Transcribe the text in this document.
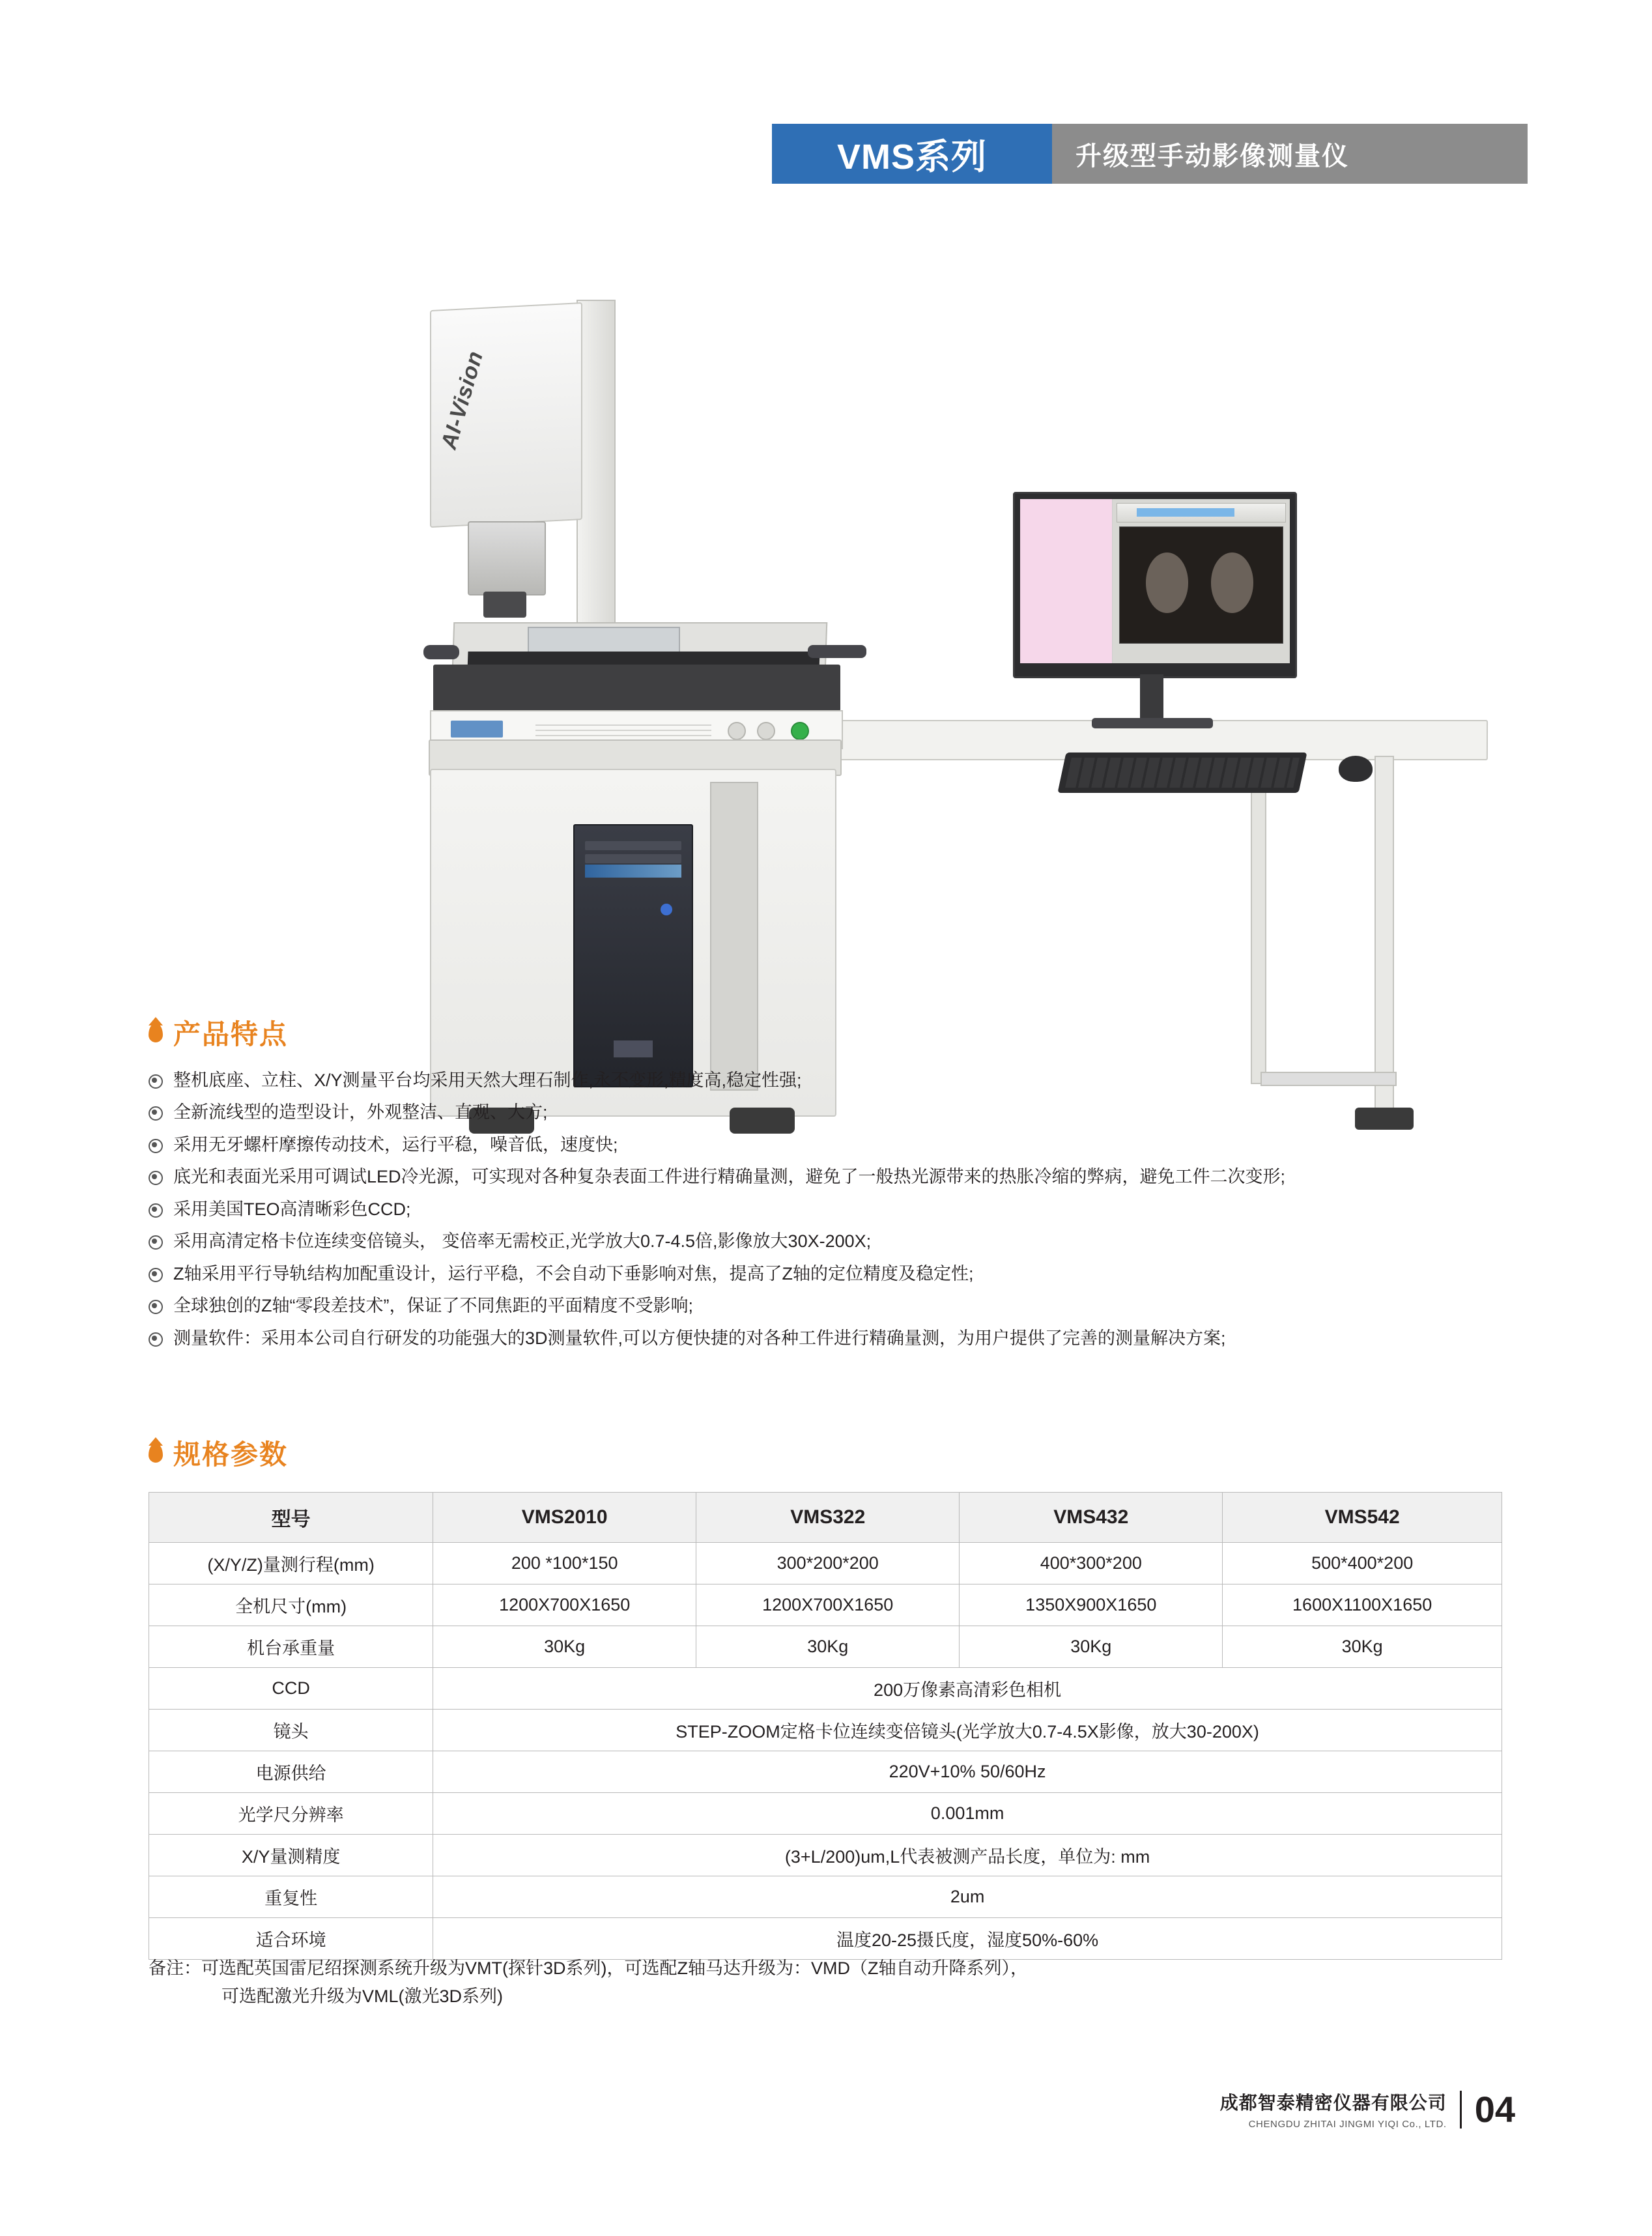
VMS系列	升级型手动影像测量仪
AI-Vision
产品特点
整机底座、立柱、X/Y测量平台均采用天然大理石制作,永不变形,精度高,稳定性强;
全新流线型的造型设计，外观整洁、直观、大方;
采用无牙螺杆摩擦传动技术，运行平稳，噪音低，速度快;
底光和表面光采用可调试LED冷光源，可实现对各种复杂表面工件进行精确量测，避免了一般热光源带来的热胀冷缩的弊病，避免工件二次变形;
采用美国TEO高清晰彩色CCD;
采用高清定格卡位连续变倍镜头， 变倍率无需校正,光学放大0.7-4.5倍,影像放大30X-200X;
Z轴采用平行导轨结构加配重设计，运行平稳，不会自动下垂影响对焦，提高了Z轴的定位精度及稳定性;
全球独创的Z轴“零段差技术”，保证了不同焦距的平面精度不受影响;
测量软件：采用本公司自行研发的功能强大的3D测量软件,可以方便快捷的对各种工件进行精确量测，为用户提供了完善的测量解决方案;
规格参数
型号	VMS2010	VMS322	VMS432	VMS542
(X/Y/Z)量测行程(mm)	200 *100*150	300*200*200	400*300*200	500*400*200
全机尺寸(mm)	1200X700X1650	1200X700X1650	1350X900X1650	1600X1100X1650
机台承重量	30Kg	30Kg	30Kg	30Kg
CCD	200万像素高清彩色相机			
镜头	STEP-ZOOM定格卡位连续变倍镜头(光学放大0.7-4.5X影像，放大30-200X)			
电源供给	220V+10% 50/60Hz			
光学尺分辨率	0.001mm			
X/Y量测精度	(3+L/200)um,L代表被测产品长度，单位为: mm			
重复性	2um			
适合环境	温度20-25摄氏度，湿度50%-60%			
备注：可选配英国雷尼绍探测系统升级为VMT(探针3D系列)，可选配Z轴马达升级为：VMD（Z轴自动升降系列），
可选配激光升级为VML(激光3D系列)
成都智泰精密仪器有限公司
CHENGDU ZHITAI JINGMI YIQI Co., LTD. 04
